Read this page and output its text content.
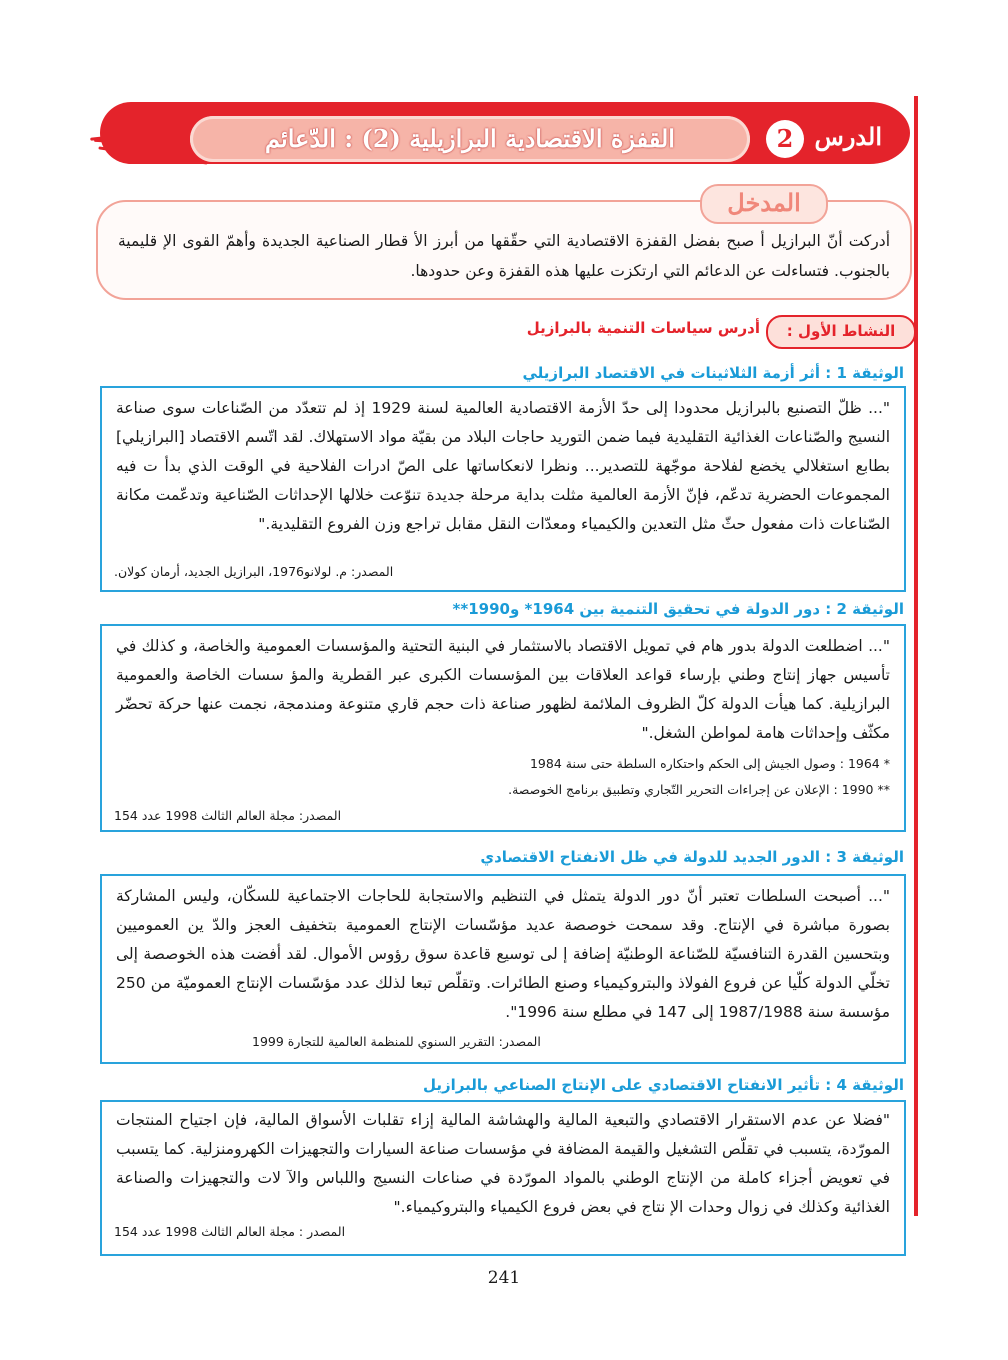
القفزة الاقتصادية البرازيلية (2) : الدّعائم	2 الدرس
المدخل
أدركت أنّ البرازيل أ صبح بفضل القفزة الاقتصادية التي حقّقها من أبرز الأ قطار الصناعية الجديدة وأهمّ القوى الإ قليمية بالجنوب. فتساءلت عن الدعائم التي ارتكزت عليها هذه القفزة وعن حدودها.
النشاط الأول :
أدرس سياسات التنمية بالبرازيل
الوثيقة 1 : أثر أزمة الثلاثينات في الاقتصاد البرازيلي
"... ظلّ التصنيع بالبرازيل محدودا إلى حدّ الأزمة الاقتصادية العالمية لسنة 1929 إذ لم تتعدّد من الصّناعات سوى صناعة النسيج والصّناعات الغذائية التقليدية فيما ضمن التوريد حاجات البلاد من بقيّة مواد الاستهلاك. لقد اتّسم الاقتصاد [البرازيلي] بطابع استغلالي يخضع لفلاحة موجّهة للتصدير... ونظرا لانعكاساتها على الصّ ادرات الفلاحية في الوقت الذي بدأ ت فيه المجموعات الحضرية تدعّم، فإنّ الأزمة العالمية مثلت بداية مرحلة جديدة تنوّعت خلالها الإحداثات الصّناعية وتدعّمت مكانة الصّناعات ذات مفعول حثّ مثل التعدين والكيمياء ومعدّات النقل مقابل تراجع وزن الفروع التقليدية."
المصدر: م. لولانو1976، البرازيل الجديد، أرمان كولان.
الوثيقة 2 : دور الدولة في تحقيق التنمية بين 1964* و1990**
"... اضطلعت الدولة بدور هام في تمويل الاقتصاد بالاستثمار في البنية التحتية والمؤسسات العمومية والخاصة، و كذلك في تأسيس جهاز إنتاج وطني بإرساء قواعد العلاقات بين المؤسسات الكبرى عبر القطرية والمؤ سسات الخاصة والعمومية البرازيلية. كما هيأت الدولة كلّ الظروف الملائمة لظهور صناعة ذات حجم قاري متنوعة ومندمجة، نجمت عنها حركة تحضّر مكثّف وإحداثات هامة لمواطن الشغل."
* 1964 : وصول الجيش إلى الحكم واحتكاره السلطة حتى سنة 1984
** 1990 : الإعلان عن إجراءات التحرير التّجاري وتطبيق برنامج الخوصصة.
المصدر: مجلة العالم الثالث 1998 عدد 154
الوثيقة 3 : الدور الجديد للدولة في ظل الانفتاح الاقتصادي
"... أصبحت السلطات تعتبر أنّ دور الدولة يتمثل في التنظيم والاستجابة للحاجات الاجتماعية للسكّان، وليس المشاركة بصورة مباشرة في الإنتاج. وقد سمحت خوصصة عديد مؤسّسات الإنتاج العمومية بتخفيف العجز والدّ ين العموميين وبتحسين القدرة التنافسيّة للصّناعة الوطنيّة إضافة إ لى توسيع قاعدة سوق رؤوس الأموال. لقد أفضت هذه الخوصصة إلى تخلّي الدولة كلّيا عن فروع الفولاذ والبتروكيمياء وصنع الطائرات. وتقلّص تبعا لذلك عدد مؤسّسات الإنتاج العموميّة من 250 مؤسسة سنة 1987/1988 إلى 147 في مطلع سنة 1996".
المصدر: التقرير السنوي للمنظمة العالمية للتجارة 1999
الوثيقة 4 : تأثير الانفتاح الاقتصادي على الإنتاج الصناعي بالبرازيل
"فضلا عن عدم الاستقرار الاقتصادي والتبعية المالية والهشاشة المالية إزاء تقلبات الأسواق المالية، فإن اجتياح المنتجات المورّدة، يتسبب في تقلّص التشغيل والقيمة المضافة في مؤسسات صناعة السيارات والتجهيزات الكهرومنزلية. كما يتسبب في تعويض أجزاء كاملة من الإنتاج الوطني بالمواد المورّدة في صناعات النسيج واللباس والآ لات والتجهيزات والصناعة الغذائية وكذلك في زوال وحدات الإ نتاج في بعض فروع الكيمياء والبتروكيمياء."
المصدر : مجلة العالم الثالث 1998 عدد 154
241
